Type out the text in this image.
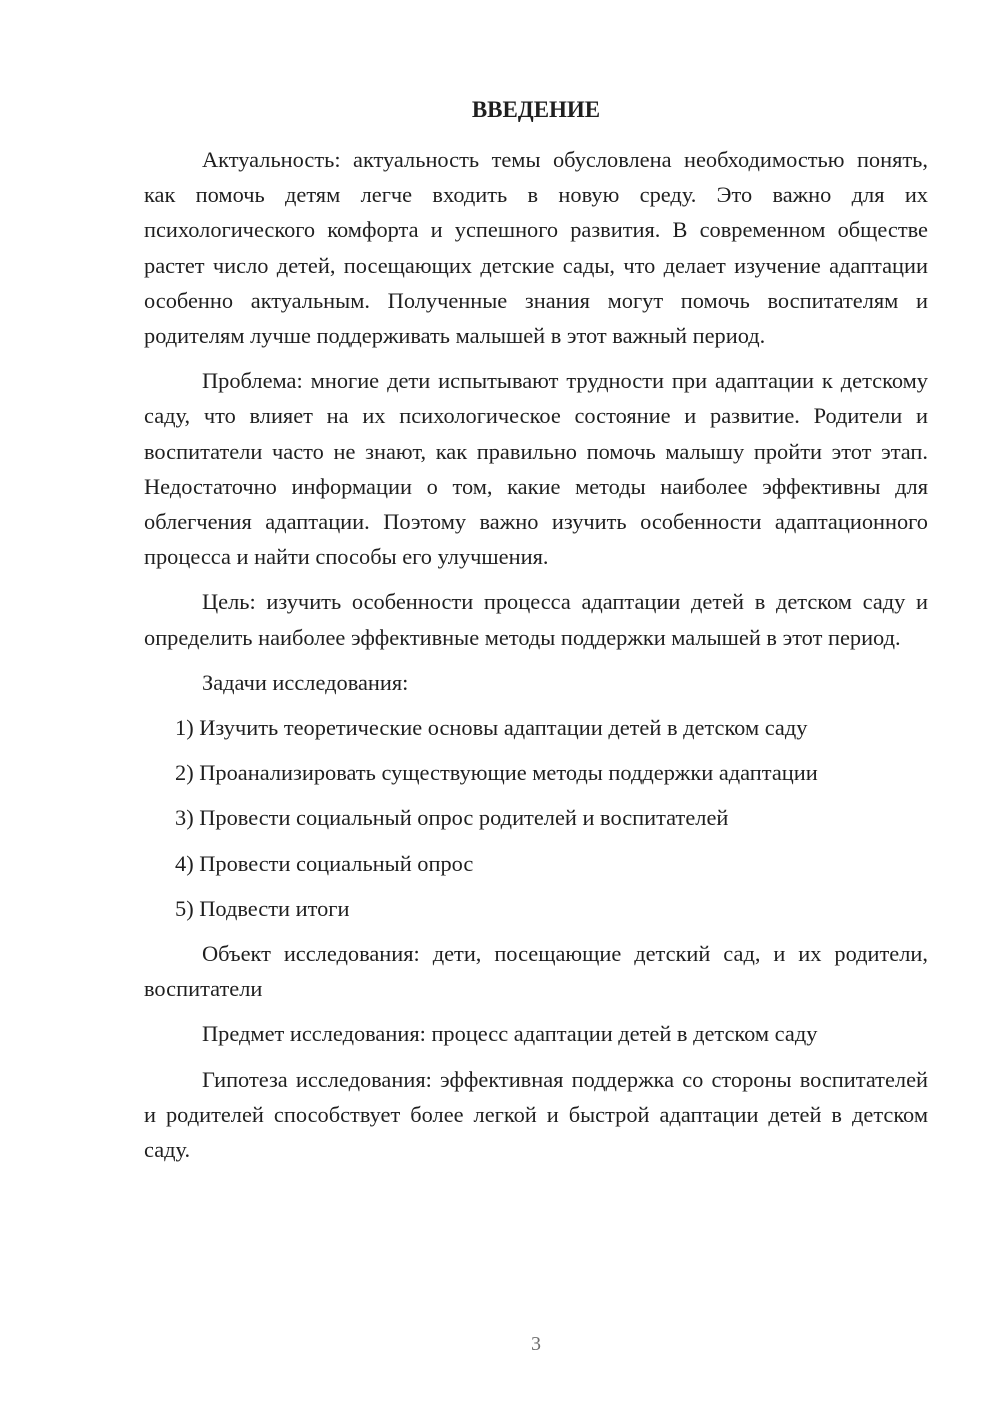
ВВЕДЕНИЕ

Актуальность: актуальность темы обусловлена необходимостью понять, как помочь детям легче входить в новую среду. Это важно для их психологического комфорта и успешного развития. В современном обществе растет число детей, посещающих детские сады, что делает изучение адаптации особенно актуальным. Полученные знания могут помочь воспитателям и родителям лучше поддерживать малышей в этот важный период.

Проблема: многие дети испытывают трудности при адаптации к детскому саду, что влияет на их психологическое состояние и развитие. Родители и воспитатели часто не знают, как правильно помочь малышу пройти этот этап. Недостаточно информации о том, какие методы наиболее эффективны для облегчения адаптации. Поэтому важно изучить особенности адаптационного процесса и найти способы его улучшения.

Цель: изучить особенности процесса адаптации детей в детском саду и определить наиболее эффективные методы поддержки малышей в этот период.

Задачи исследования:

1) Изучить теоретические основы адаптации детей в детском саду

2) Проанализировать существующие методы поддержки адаптации

3) Провести социальный опрос родителей и воспитателей

4) Провести социальный опрос

5) Подвести итоги

Объект исследования: дети, посещающие детский сад, и их родители, воспитатели

Предмет исследования: процесс адаптации детей в детском саду

Гипотеза исследования: эффективная поддержка со стороны воспитателей и родителей способствует более легкой и быстрой адаптации детей в детском саду.

3
